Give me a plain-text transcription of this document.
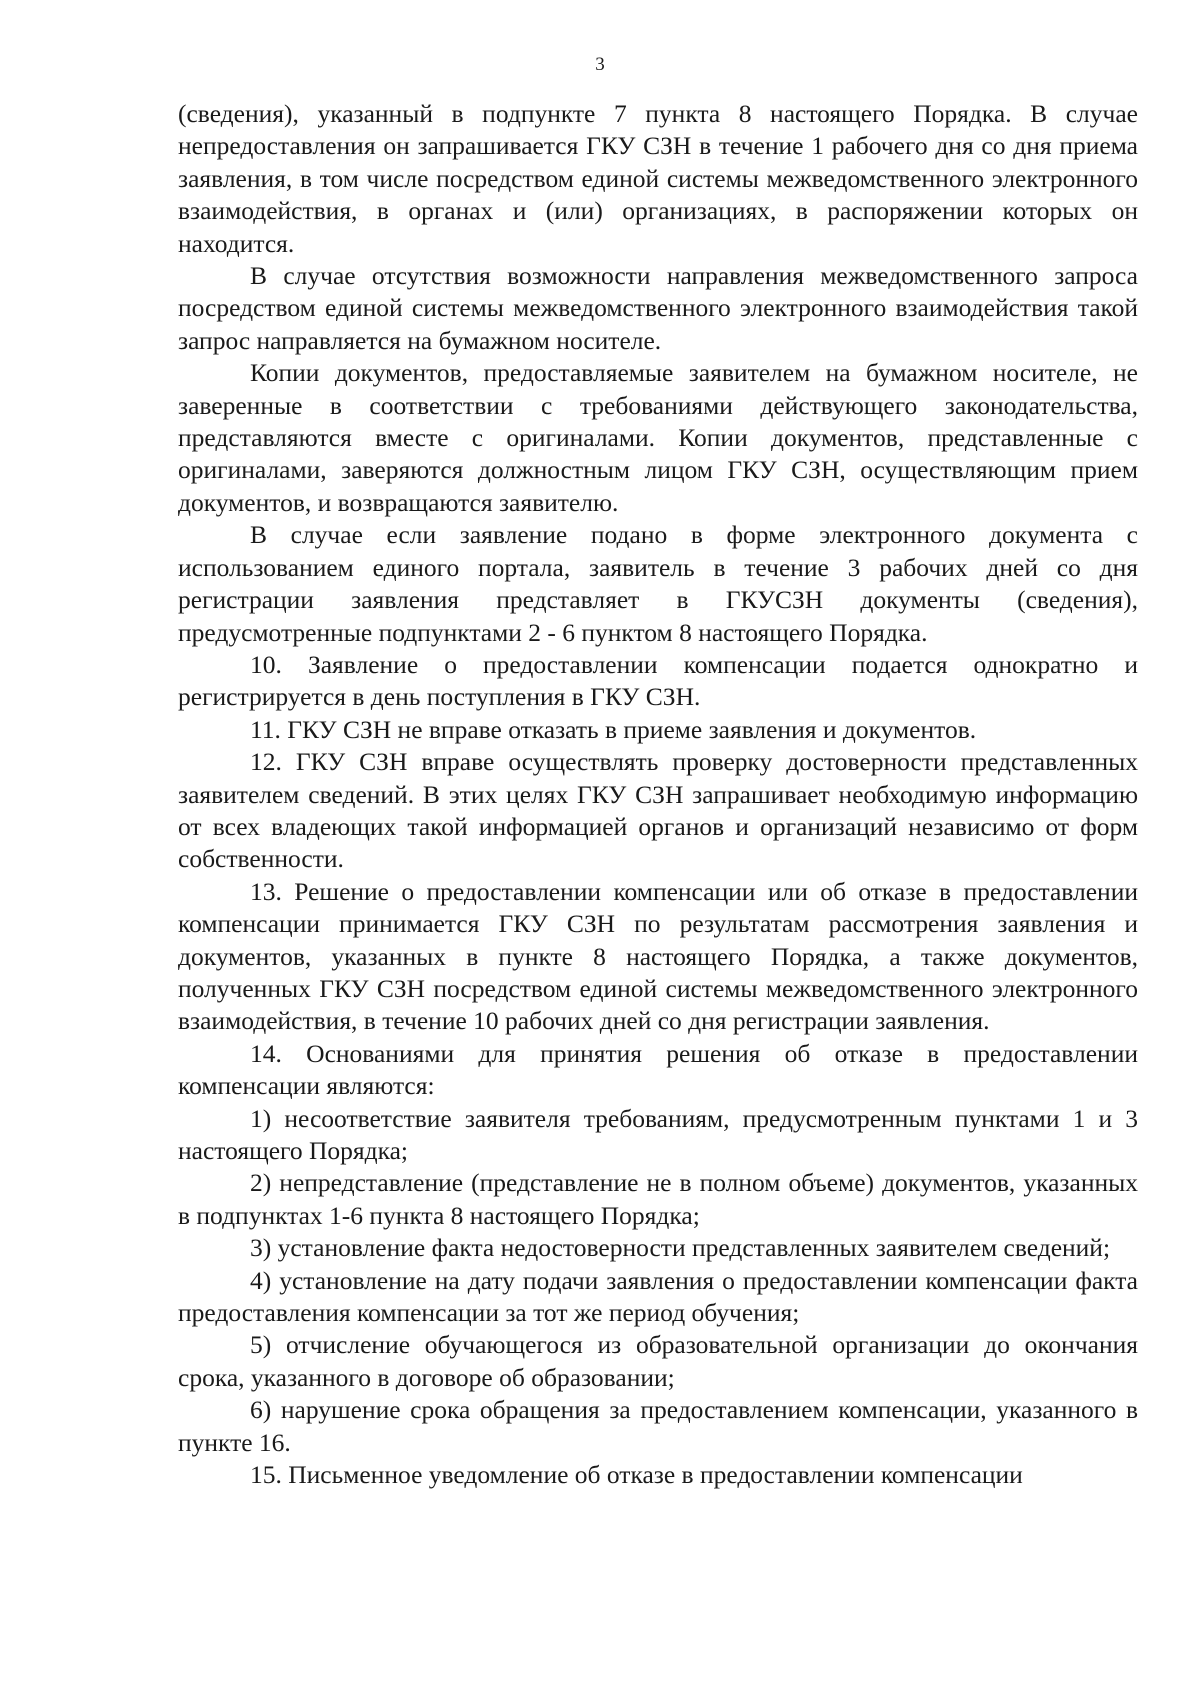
3

(сведения), указанный в подпункте 7 пункта 8 настоящего Порядка. В случае непредоставления он запрашивается ГКУ СЗН в течение 1 рабочего дня со дня приема заявления, в том числе посредством единой системы межведомственного электронного взаимодействия, в органах и (или) организациях, в распоряжении которых он находится.

В случае отсутствия возможности направления межведомственного запроса посредством единой системы межведомственного электронного взаимодействия такой запрос направляется на бумажном носителе.

Копии документов, предоставляемые заявителем на бумажном носителе, не заверенные в соответствии с требованиями действующего законодательства, представляются вместе с оригиналами. Копии документов, представленные с оригиналами, заверяются должностным лицом ГКУ СЗН, осуществляющим прием документов, и возвращаются заявителю.

В случае если заявление подано в форме электронного документа с использованием единого портала, заявитель в течение 3 рабочих дней со дня регистрации заявления представляет в ГКУСЗН документы (сведения), предусмотренные подпунктами 2 - 6 пунктом 8 настоящего Порядка.

10. Заявление о предоставлении компенсации подается однократно и регистрируется в день поступления в ГКУ СЗН.

11. ГКУ СЗН не вправе отказать в приеме заявления и документов.

12. ГКУ СЗН вправе осуществлять проверку достоверности представленных заявителем сведений. В этих целях ГКУ СЗН запрашивает необходимую информацию от всех владеющих такой информацией органов и организаций независимо от форм собственности.

13. Решение о предоставлении компенсации или об отказе в предоставлении компенсации принимается ГКУ СЗН по результатам рассмотрения заявления и документов, указанных в пункте 8 настоящего Порядка, а также документов, полученных ГКУ СЗН посредством единой системы межведомственного электронного взаимодействия, в течение 10 рабочих дней со дня регистрации заявления.

14. Основаниями для принятия решения об отказе в предоставлении компенсации являются:

1) несоответствие заявителя требованиям, предусмотренным пунктами 1 и 3 настоящего Порядка;

2) непредставление (представление не в полном объеме) документов, указанных в подпунктах 1-6 пункта 8 настоящего Порядка;

3) установление факта недостоверности представленных заявителем сведений;

4) установление на дату подачи заявления о предоставлении компенсации факта предоставления компенсации за тот же период обучения;

5) отчисление обучающегося из образовательной организации до окончания срока, указанного в договоре об образовании;

6) нарушение срока обращения за предоставлением компенсации, указанного в пункте 16.

15. Письменное уведомление об отказе в предоставлении компенсации
